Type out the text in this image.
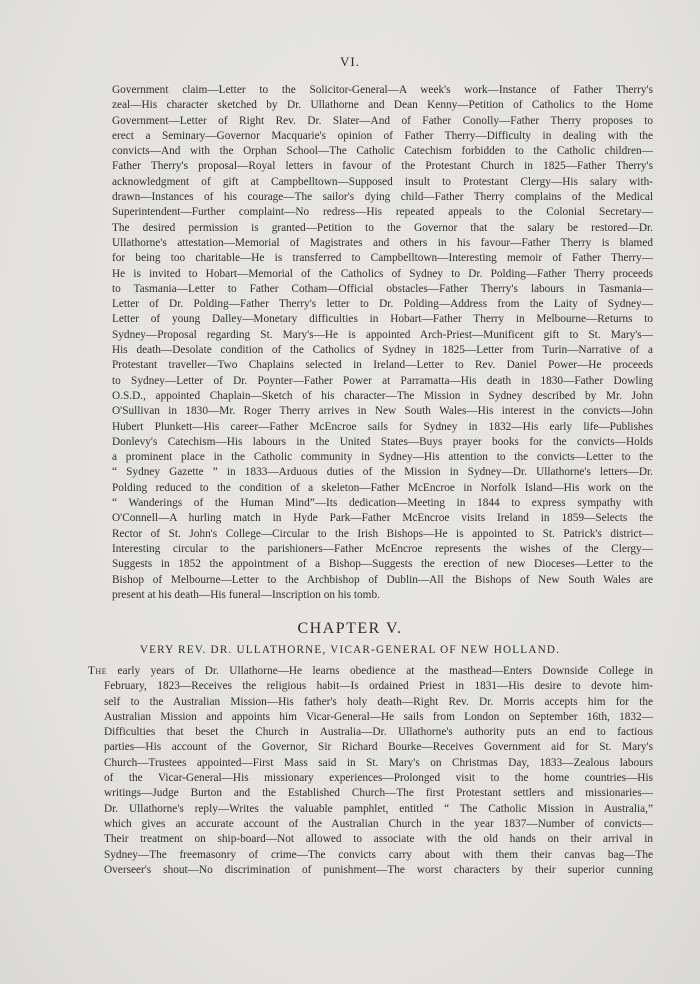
VI.
Government claim—Letter to the Solicitor-General—A week's work—Instance of Father Therry's
zeal—His character sketched by Dr. Ullathorne and Dean Kenny—Petition of Catholics to the Home
Government—Letter of Right Rev. Dr. Slater—And of Father Conolly—Father Therry proposes to
erect a Seminary—Governor Macquarie's opinion of Father Therry—Difficulty in dealing with the
convicts—And with the Orphan School—The Catholic Catechism forbidden to the Catholic children—
Father Therry's proposal—Royal letters in favour of the Protestant Church in 1825—Father Therry's
acknowledgment of gift at Campbelltown—Supposed insult to Protestant Clergy—His salary with-
drawn—Instances of his courage—The sailor's dying child—Father Therry complains of the Medical
Superintendent—Further complaint—No redress—His repeated appeals to the Colonial Secretary—
The desired permission is granted—Petition to the Governor that the salary be restored—Dr.
Ullathorne's attestation—Memorial of Magistrates and others in his favour—Father Therry is blamed
for being too charitable—He is transferred to Campbelltown—Interesting memoir of Father Therry—
He is invited to Hobart—Memorial of the Catholics of Sydney to Dr. Polding—Father Therry proceeds
to Tasmania—Letter to Father Cotham—Official obstacles—Father Therry's labours in Tasmania—
Letter of Dr. Polding—Father Therry's letter to Dr. Polding—Address from the Laity of Sydney—
Letter of young Dalley—Monetary difficulties in Hobart—Father Therry in Melbourne—Returns to
Sydney—Proposal regarding St. Mary's—He is appointed Arch-Priest—Munificent gift to St. Mary's—
His death—Desolate condition of the Catholics of Sydney in 1825—Letter from Turin—Narrative of a
Protestant traveller—Two Chaplains selected in Ireland—Letter to Rev. Daniel Power—He proceeds
to Sydney—Letter of Dr. Poynter—Father Power at Parramatta—His death in 1830—Father Dowling
O.S.D., appointed Chaplain—Sketch of his character—The Mission in Sydney described by Mr. John
O'Sullivan in 1830—Mr. Roger Therry arrives in New South Wales—His interest in the convicts—John
Hubert Plunkett—His career—Father McEncroe sails for Sydney in 1832—His early life—Publishes
Donlevy's Catechism—His labours in the United States—Buys prayer books for the convicts—Holds
a prominent place in the Catholic community in Sydney—His attention to the convicts—Letter to the
“ Sydney Gazette ” in 1833—Arduous duties of the Mission in Sydney—Dr. Ullathorne's letters—Dr.
Polding reduced to the condition of a skeleton—Father McEncroe in Norfolk Island—His work on the
“ Wanderings of the Human Mind”—Its dedication—Meeting in 1844 to express sympathy with
O'Connell—A hurling match in Hyde Park—Father McEncroe visits Ireland in 1859—Selects the
Rector of St. John's College—Circular to the Irish Bishops—He is appointed to St. Patrick's district—
Interesting circular to the parishioners—Father McEncroe represents the wishes of the Clergy—
Suggests in 1852 the appointment of a Bishop—Suggests the erection of new Dioceses—Letter to the
Bishop of Melbourne—Letter to the Archbishop of Dublin—All the Bishops of New South Wales are
present at his death—His funeral—Inscription on his tomb.
CHAPTER V.
VERY REV. DR. ULLATHORNE, VICAR-GENERAL OF NEW HOLLAND.
The early years of Dr. Ullathorne—He learns obedience at the masthead—Enters Downside College in
February, 1823—Receives the religious habit—Is ordained Priest in 1831—His desire to devote him-
self to the Australian Mission—His father's holy death—Right Rev. Dr. Morris accepts him for the
Australian Mission and appoints him Vicar-General—He sails from London on September 16th, 1832—
Difficulties that beset the Church in Australia—Dr. Ullathorne's authority puts an end to factious
parties—His account of the Governor, Sir Richard Bourke—Receives Government aid for St. Mary's
Church—Trustees appointed—First Mass said in St. Mary's on Christmas Day, 1833—Zealous labours
of the Vicar-General—His missionary experiences—Prolonged visit to the home countries—His
writings—Judge Burton and the Established Church—The first Protestant settlers and missionaries—
Dr. Ullathorne's reply—Writes the valuable pamphlet, entitled “ The Catholic Mission in Australia,”
which gives an accurate account of the Australian Church in the year 1837—Number of convicts—
Their treatment on ship-board—Not allowed to associate with the old hands on their arrival in
Sydney—The freemasonry of crime—The convicts carry about with them their canvas bag—The
Overseer's shout—No discrimination of punishment—The worst characters by their superior cunning
